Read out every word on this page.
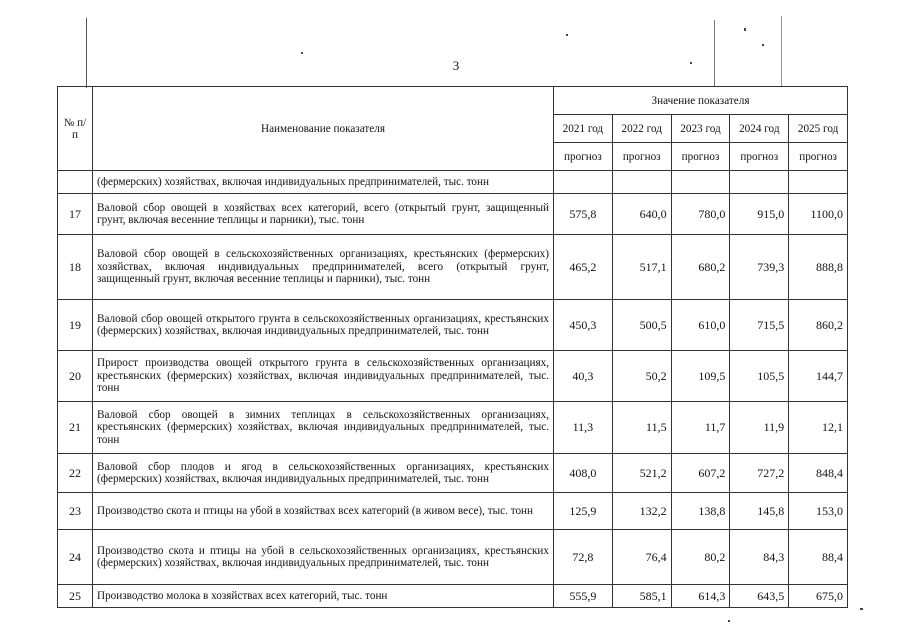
3
№ п/п	Наименование показателя	Значение показателя				
		2021 год	2022 год	2023 год	2024 год	2025 год
		прогноз	прогноз	прогноз	прогноз	прогноз
	(фермерских) хозяйствах, включая индивидуальных предпринимателей, тыс. тонн					
17	Валовой сбор овощей в хозяйствах всех категорий, всего (открытый грунт, защищенный грунт, включая весенние теплицы и парники), тыс. тонн	575,8	640,0	780,0	915,0	1100,0
18	Валовой сбор овощей в сельскохозяйственных организациях, крестьянских (фермерских) хозяйствах, включая индивидуальных предпринимателей, всего (открытый грунт, защищенный грунт, включая весенние теплицы и парники), тыс. тонн	465,2	517,1	680,2	739,3	888,8
19	Валовой сбор овощей открытого грунта в сельскохозяйственных организациях, крестьянских (фермерских) хозяйствах, включая индивидуальных предпринимателей, тыс. тонн	450,3	500,5	610,0	715,5	860,2
20	Прирост производства овощей открытого грунта в сельскохозяйственных организациях, крестьянских (фермерских) хозяйствах, включая индивидуальных предпринимателей, тыс. тонн	40,3	50,2	109,5	105,5	144,7
21	Валовой сбор овощей в зимних теплицах в сельскохозяйственных организациях, крестьянских (фермерских) хозяйствах, включая индивидуальных предпринимателей, тыс. тонн	11,3	11,5	11,7	11,9	12,1
22	Валовой сбор плодов и ягод в сельскохозяйственных организациях, крестьянских (фермерских) хозяйствах, включая индивидуальных предпринимателей, тыс. тонн	408,0	521,2	607,2	727,2	848,4
23	Производство скота и птицы на убой в хозяйствах всех категорий (в живом весе), тыс. тонн	125,9	132,2	138,8	145,8	153,0
24	Производство скота и птицы на убой в сельскохозяйственных организациях, крестьянских (фермерских) хозяйствах, включая индивидуальных предпринимателей, тыс. тонн	72,8	76,4	80,2	84,3	88,4
25	Производство молока в хозяйствах всех категорий, тыс. тонн	555,9	585,1	614,3	643,5	675,0
